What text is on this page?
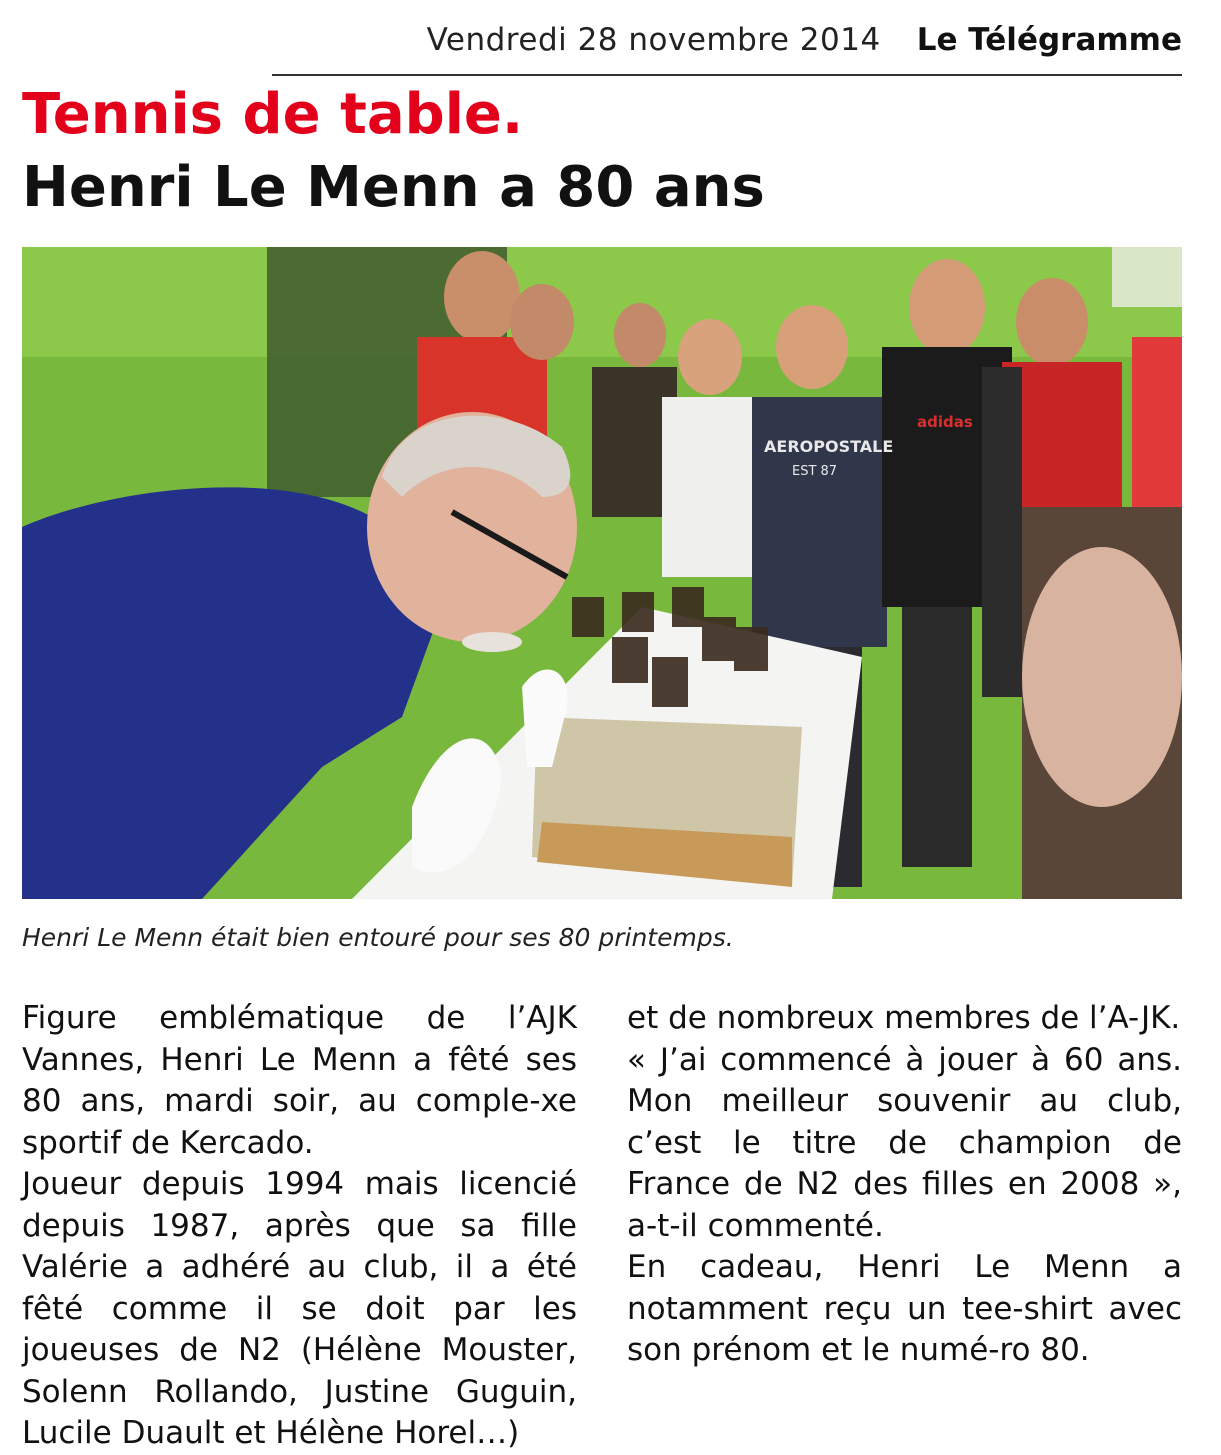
Vendredi 28 novembre 2014 Le Télégramme
Tennis de table.
Henri Le Menn a 80 ans
AEROPOSTALE
EST 87
adidas
Henri Le Menn était bien entouré pour ses 80 printemps.

Figure emblématique de l’AJK Vannes, Henri Le Menn a fêté ses 80 ans, mardi soir, au comple-xe sportif de Kercado.

Joueur depuis 1994 mais licencié depuis 1987, après que sa fille Valérie a adhéré au club, il a été fêté comme il se doit par les joueuses de N2 (Hélène Mouster, Solenn Rollando, Justine Guguin, Lucile Duault et Hélène Horel…)

et de nombreux membres de l’A-JK.

« J’ai commencé à jouer à 60 ans. Mon meilleur souvenir au club, c’est le titre de champion de France de N2 des filles en 2008 », a-t-il commenté.

En cadeau, Henri Le Menn a notamment reçu un tee-shirt avec son prénom et le numé-ro 80.
